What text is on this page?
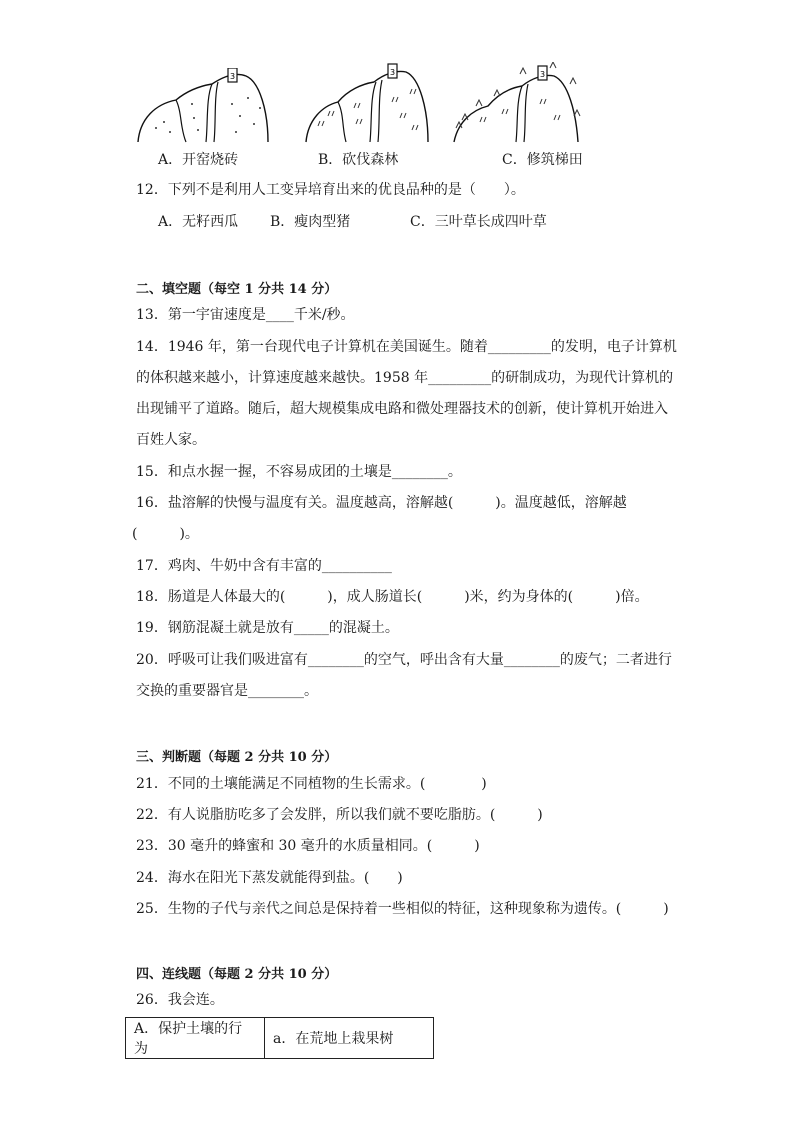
3	3	3
A．开窑烧砖	B．砍伐森林	C．修筑梯田
12．下列不是利用人工变异培育出来的优良品种的是（　　）。
A．无籽西瓜 B．瘦肉型猪	C．三叶草长成四叶草
二、填空题（每空 1 分共 14 分）
13．第一宇宙速度是____千米/秒。
14．1946 年，第一台现代电子计算机在美国诞生。随着_________的发明，电子计算机
的体积越来越小，计算速度越来越快。1958 年_________的研制成功，为现代计算机的
出现铺平了道路。随后，超大规模集成电路和微处理器技术的创新，使计算机开始进入
百姓人家。
15．和点水握一握，不容易成团的土壤是________。
16．盐溶解的快慢与温度有关。温度越高，溶解越(　　　)。温度越低，溶解越
(　　　)。
17．鸡肉、牛奶中含有丰富的__________
18．肠道是人体最大的(　　　)，成人肠道长(　　　)米，约为身体的(　　　)倍。
19．钢筋混凝土就是放有_____的混凝土。
20．呼吸可让我们吸进富有________的空气，呼出含有大量________的废气；二者进行
交换的重要器官是________。
三、判断题（每题 2 分共 10 分）
21．不同的土壤能满足不同植物的生长需求。(　　　　)
22．有人说脂肪吃多了会发胖，所以我们就不要吃脂肪。(　　　)
23．30 毫升的蜂蜜和 30 毫升的水质量相同。(　　　)
24．海水在阳光下蒸发就能得到盐。(　　)
25．生物的子代与亲代之间总是保持着一些相似的特征，这种现象称为遗传。(　　　)
四、连线题（每题 2 分共 10 分）
26．我会连。
A．保护土壤的行为	a．在荒地上栽果树
